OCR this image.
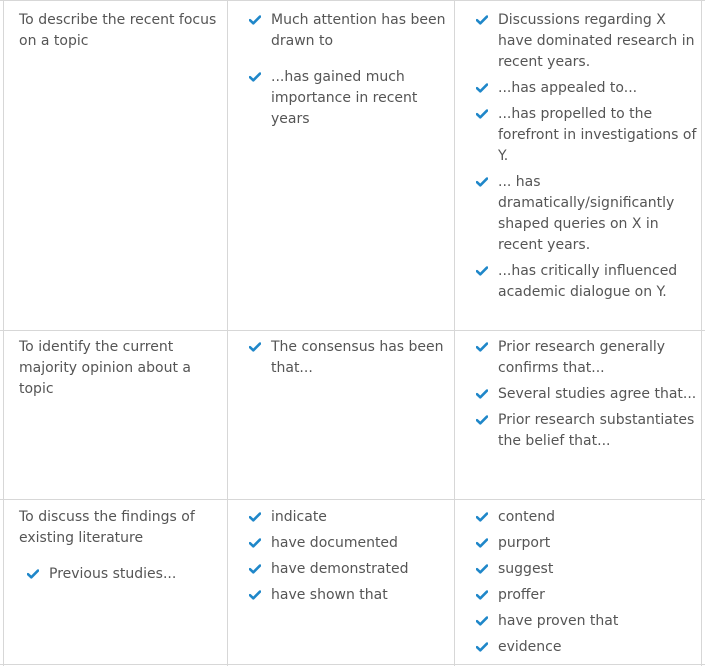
To describe the recent focus on a topic

Much attention has been drawn to
...has gained much importance in recent years
Discussions regarding X have dominated research in recent years.
...has appealed to...
...has propelled to the forefront in investigations of Y.
... has dramatically/significantly shaped queries on X in recent years.
...has critically influenced academic dialogue on Y.

To identify the current majority opinion about a topic

The consensus has been that...
Prior research generally confirms that...
Several studies agree that...
Prior research substantiates the belief that...

To discuss the findings of existing literature

Previous studies...
indicate
have documented
have demonstrated
have shown that
contend
purport
suggest
proffer
have proven that
evidence
